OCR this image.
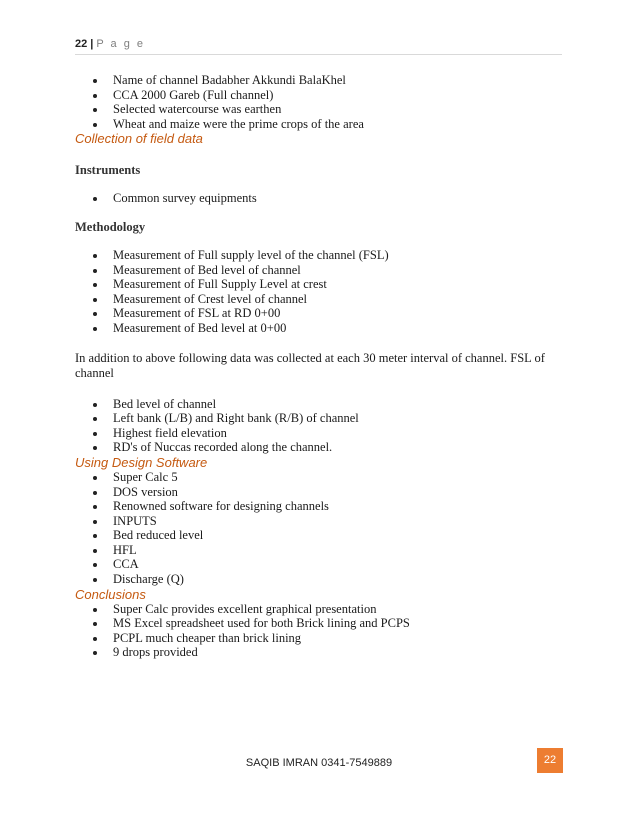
22 | P a g e
Name of channel Badabher Akkundi BalaKhel
CCA 2000 Gareb (Full channel)
Selected watercourse was earthen
Wheat and maize were the prime crops of the area
Collection of field data
Instruments
Common survey equipments
Methodology
Measurement of Full supply level of the channel (FSL)
Measurement of Bed level of channel
Measurement of Full Supply Level at crest
Measurement of Crest level of channel
Measurement of FSL at RD 0+00
Measurement of Bed level at 0+00
In addition to above following data was collected at each 30 meter interval of channel. FSL of channel
Bed level of channel
Left bank (L/B) and Right bank (R/B) of channel
Highest field elevation
RD's of Nuccas recorded along the channel.
Using Design Software
Super Calc 5
DOS version
Renowned software for designing channels
INPUTS
Bed reduced level
HFL
CCA
Discharge (Q)
Conclusions
Super Calc provides excellent graphical presentation
MS Excel spreadsheet used for both Brick lining and PCPS
PCPL much cheaper than brick lining
9 drops provided
SAQIB IMRAN 0341-7549889	22
